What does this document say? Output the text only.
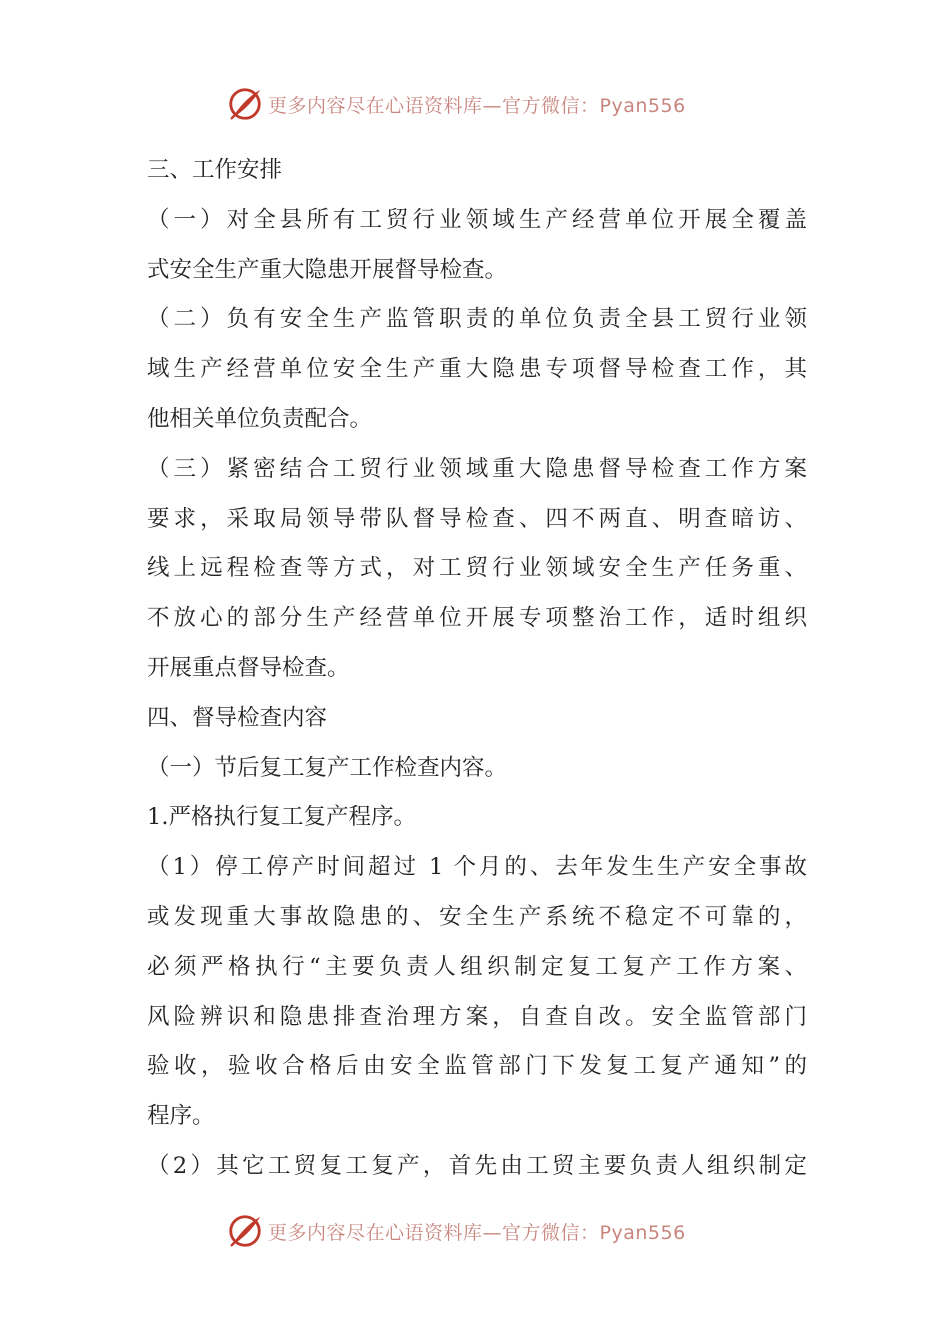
更多内容尽在心语资料库—官方微信：Pyan556
三、工作安排
（一）对全县所有工贸行业领域生产经营单位开展全覆盖
式安全生产重大隐患开展督导检查。
（二）负有安全生产监管职责的单位负责全县工贸行业领
域生产经营单位安全生产重大隐患专项督导检查工作，其
他相关单位负责配合。
（三）紧密结合工贸行业领域重大隐患督导检查工作方案
要求，采取局领导带队督导检查、四不两直、明查暗访、
线上远程检查等方式，对工贸行业领域安全生产任务重、
不放心的部分生产经营单位开展专项整治工作，适时组织
开展重点督导检查。
四、督导检查内容
（一）节后复工复产工作检查内容。
1.严格执行复工复产程序。
（1）停工停产时间超过 1 个月的、去年发生生产安全事故
或发现重大事故隐患的、安全生产系统不稳定不可靠的，
必须严格执行“主要负责人组织制定复工复产工作方案、
风险辨识和隐患排查治理方案，自查自改。安全监管部门
验收，验收合格后由安全监管部门下发复工复产通知”的
程序。
（2）其它工贸复工复产，首先由工贸主要负责人组织制定
更多内容尽在心语资料库—官方微信：Pyan556
